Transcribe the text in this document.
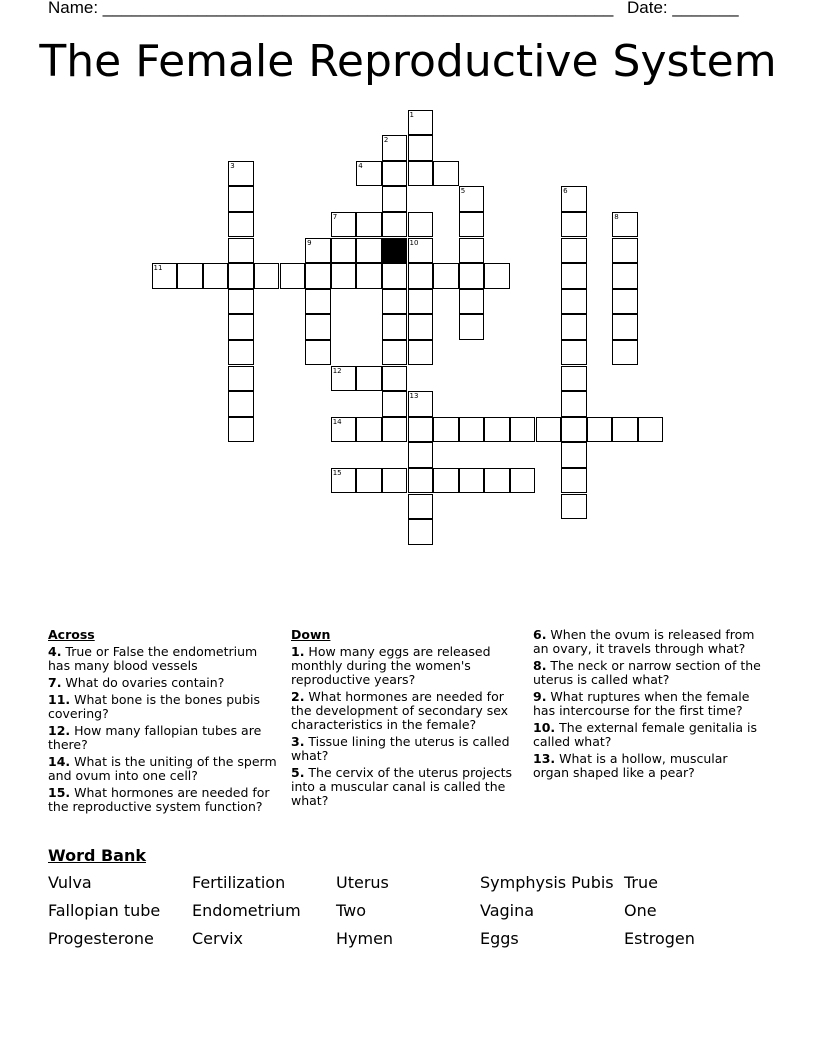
Name: ______________________________________________________ Date: _______
The Female Reproductive System
1
2
3	4
5	6
7	8
9	10
11
12
13
14
15
Across
4. True or False the endometrium has many blood vessels
7. What do ovaries contain?
11. What bone is the bones pubis covering?
12. How many fallopian tubes are there?
14. What is the uniting of the sperm and ovum into one cell?
15. What hormones are needed for the reproductive system function?
Down
1. How many eggs are released monthly during the women's reproductive years?
2. What hormones are needed for the development of secondary sex characteristics in the female?
3. Tissue lining the uterus is called what?
5. The cervix of the uterus projects into a muscular canal is called the what?
6. When the ovum is released from an ovary, it travels through what?
8. The neck or narrow section of the uterus is called what?
9. What ruptures when the female has intercourse for the first time?
10. The external female genitalia is called what?
13. What is a hollow, muscular organ shaped like a pear?
Word Bank
Vulva	Fertilization	Uterus	Symphysis Pubis True
Fallopian tube Endometrium Two	Vagina	One
Progesterone Cervix	Hymen	Eggs	Estrogen
